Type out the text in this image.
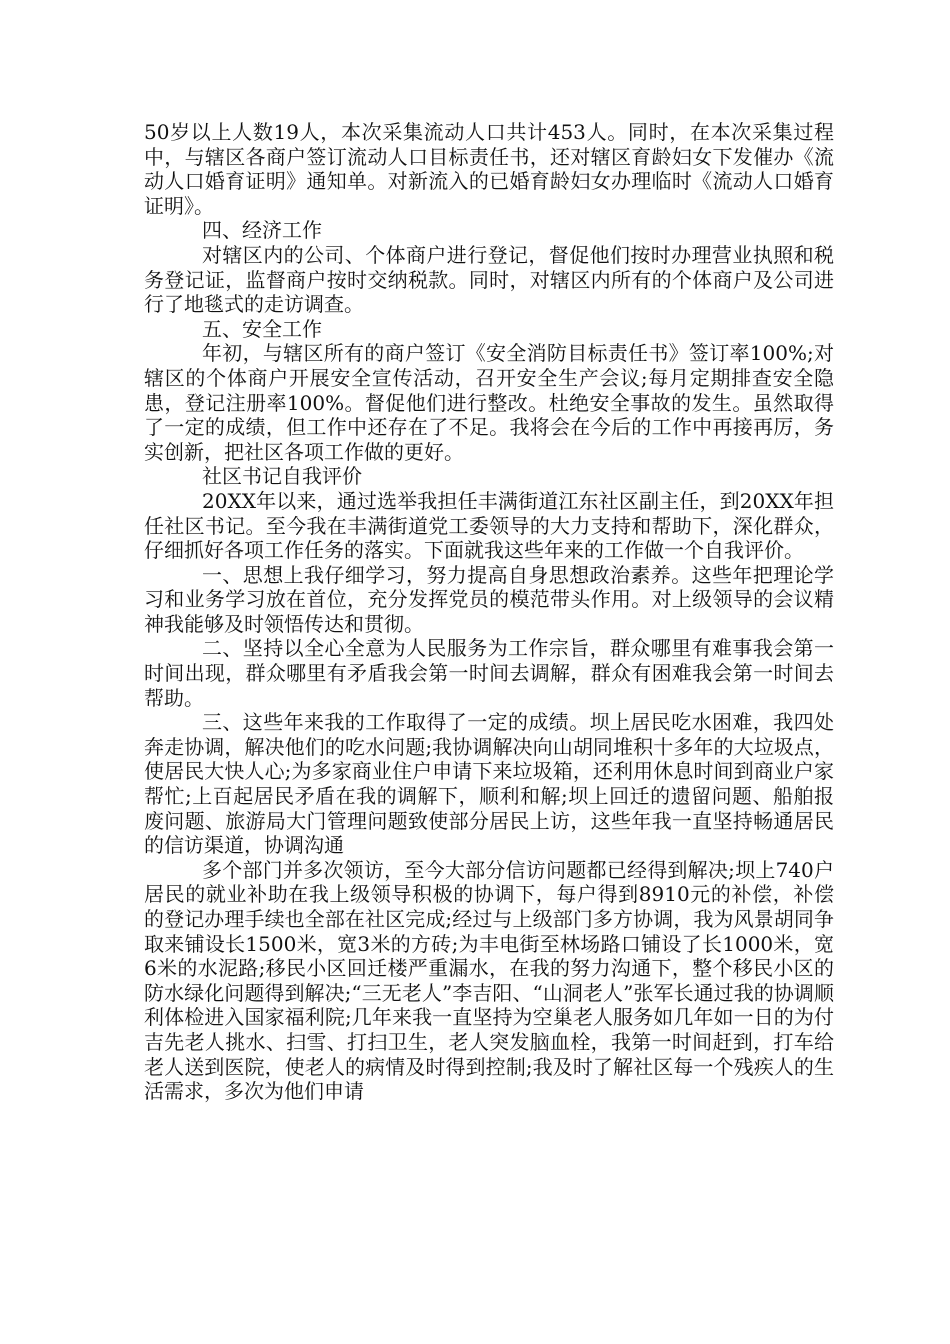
50岁以上人数19人，本次采集流动人口共计453人。同时，在本次采集过程中，与辖区各商户签订流动人口目标责任书，还对辖区育龄妇女下发催办《流动人口婚育证明》通知单。对新流入的已婚育龄妇女办理临时《流动人口婚育证明》。

四、经济工作

对辖区内的公司、个体商户进行登记，督促他们按时办理营业执照和税务登记证，监督商户按时交纳税款。同时，对辖区内所有的个体商户及公司进行了地毯式的走访调查。

五、安全工作

年初，与辖区所有的商户签订《安全消防目标责任书》签订率100%;对辖区的个体商户开展安全宣传活动，召开安全生产会议;每月定期排查安全隐患，登记注册率100%。督促他们进行整改。杜绝安全事故的发生。虽然取得了一定的成绩，但工作中还存在了不足。我将会在今后的工作中再接再厉，务实创新，把社区各项工作做的更好。

社区书记自我评价

20XX年以来，通过选举我担任丰满街道江东社区副主任，到20XX年担任社区书记。至今我在丰满街道党工委领导的大力支持和帮助下，深化群众，仔细抓好各项工作任务的落实。下面就我这些年来的工作做一个自我评价。

一、思想上我仔细学习，努力提高自身思想政治素养。这些年把理论学习和业务学习放在首位，充分发挥党员的模范带头作用。对上级领导的会议精神我能够及时领悟传达和贯彻。

二、坚持以全心全意为人民服务为工作宗旨，群众哪里有难事我会第一时间出现，群众哪里有矛盾我会第一时间去调解，群众有困难我会第一时间去帮助。

三、这些年来我的工作取得了一定的成绩。坝上居民吃水困难，我四处奔走协调，解决他们的吃水问题;我协调解决向山胡同堆积十多年的大垃圾点，使居民大快人心;为多家商业住户申请下来垃圾箱，还利用休息时间到商业户家帮忙;上百起居民矛盾在我的调解下，顺利和解;坝上回迁的遗留问题、船舶报废问题、旅游局大门管理问题致使部分居民上访，这些年我一直坚持畅通居民的信访渠道，协调沟通

多个部门并多次领访，至今大部分信访问题都已经得到解决;坝上740户居民的就业补助在我上级领导积极的协调下，每户得到8910元的补偿，补偿的登记办理手续也全部在社区完成;经过与上级部门多方协调，我为风景胡同争取来铺设长1500米，宽3米的方砖;为丰电街至林场路口铺设了长1000米，宽6米的水泥路;移民小区回迁楼严重漏水，在我的努力沟通下，整个移民小区的防水绿化问题得到解决;“三无老人”李吉阳、“山洞老人”张军长通过我的协调顺利体检进入国家福利院;几年来我一直坚持为空巢老人服务如几年如一日的为付吉先老人挑水、扫雪、打扫卫生，老人突发脑血栓，我第一时间赶到，打车给老人送到医院，使老人的病情及时得到控制;我及时了解社区每一个残疾人的生活需求，多次为他们申请
